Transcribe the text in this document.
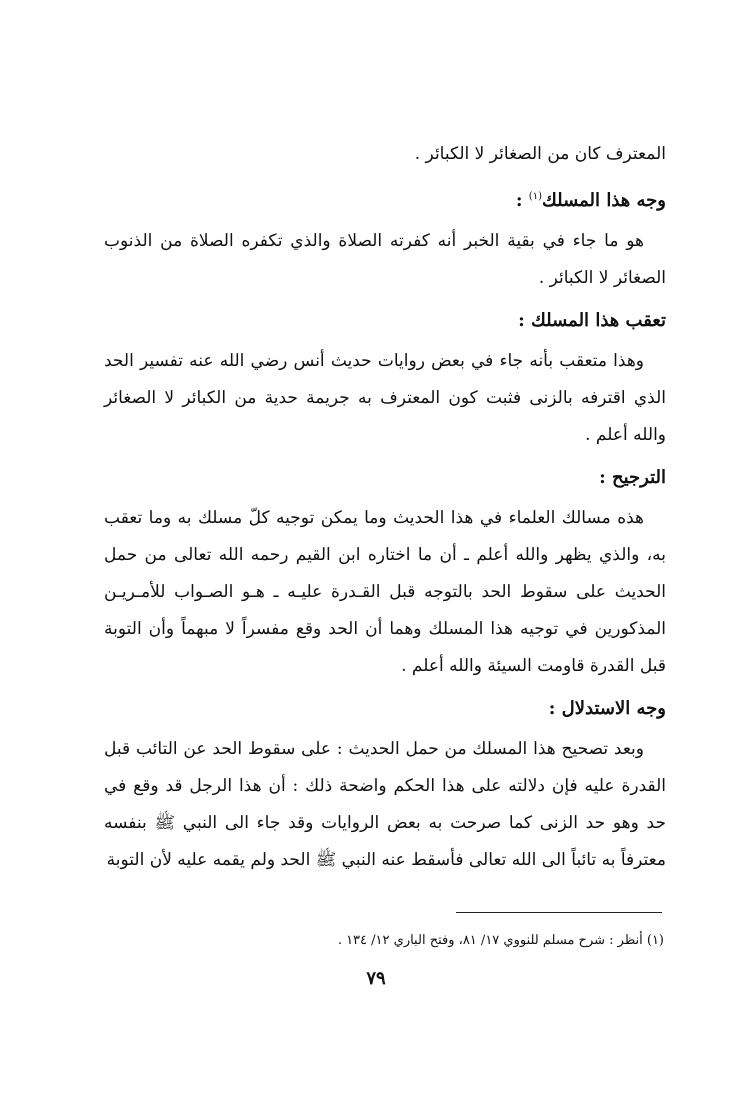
المعترف كان من الصغائر لا الكبائر .

وجه هذا المسلك$^{(١)}$ :

هو ما جاء في بقية الخبر أنه كفرته الصلاة والذي تكفره الصلاة من الذنوب الصغائر لا الكبائر .

تعقب هذا المسلك :

وهذا متعقب بأنه جاء في بعض روايات حديث أنس رضي الله عنه تفسير الحد الذي اقترفه بالزنى فثبت كون المعترف به جريمة حدية من الكبائر لا الصغائر والله أعلم .

الترجيح :

هذه مسالك العلماء في هذا الحديث وما يمكن توجيه كلّ مسلك به وما تعقب به، والذي يظهر والله أعلم ـ أن ما اختاره ابن القيم رحمه الله تعالى من حمل الحديث على سقوط الحد بالتوجه قبل القـدرة عليـه ـ هـو الصـواب للأمـريـن المذكورين في توجيه هذا المسلك وهما أن الحد وقع مفسراً لا مبهماً وأن التوبة قبل القدرة قاومت السيئة والله أعلم .

وجه الاستدلال :

وبعد تصحيح هذا المسلك من حمل الحديث : على سقوط الحد عن التائب قبل القدرة عليه فإن دلالته على هذا الحكم واضحة ذلك : أن هذا الرجل قد وقع في حد وهو حد الزنى كما صرحت به بعض الروايات وقد جاء الى النبي ﷺ بنفسه معترفاً به تائباً الى الله تعالى فأسقط عنه النبي ﷺ الحد ولم يقمه عليه لأن التوبة

(١) أنظر : شرح مسلم للنووي ١٧/ ٨١، وفتح الباري ١٢/ ١٣٤ .
٧٩
